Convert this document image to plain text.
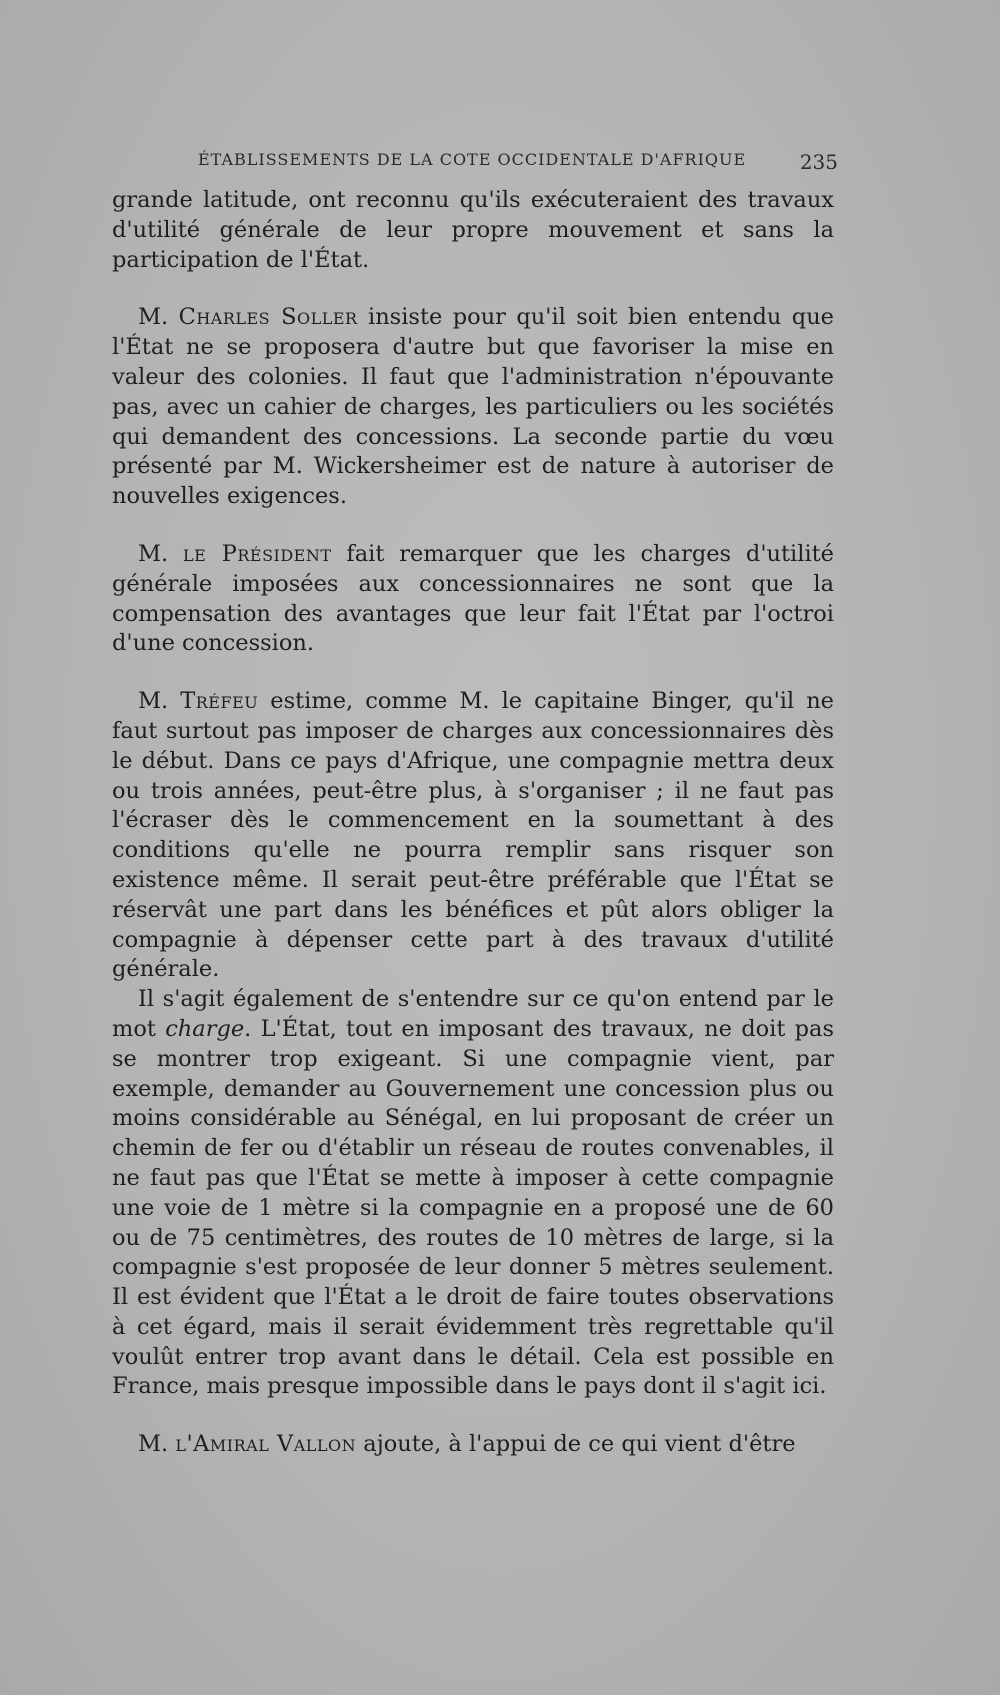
ÉTABLISSEMENTS DE LA COTE OCCIDENTALE D'AFRIQUE	235

grande latitude, ont reconnu qu'ils exécuteraient des travaux d'utilité générale de leur propre mouvement et sans la participation de l'État.

M. Charles Soller insiste pour qu'il soit bien entendu que l'État ne se proposera d'autre but que favoriser la mise en valeur des colonies. Il faut que l'administration n'épouvante pas, avec un cahier de charges, les particuliers ou les sociétés qui demandent des concessions. La seconde partie du vœu présenté par M. Wickersheimer est de nature à autoriser de nouvelles exigences.

M. le Président fait remarquer que les charges d'utilité générale imposées aux concessionnaires ne sont que la compensation des avantages que leur fait l'État par l'octroi d'une concession.

M. Tréfeu estime, comme M. le capitaine Binger, qu'il ne faut surtout pas imposer de charges aux concessionnaires dès le début. Dans ce pays d'Afrique, une compagnie mettra deux ou trois années, peut-être plus, à s'organiser ; il ne faut pas l'écraser dès le commencement en la soumettant à des conditions qu'elle ne pourra remplir sans risquer son existence même. Il serait peut-être préférable que l'État se réservât une part dans les bénéfices et pût alors obliger la compagnie à dépenser cette part à des travaux d'utilité générale.

Il s'agit également de s'entendre sur ce qu'on entend par le mot charge. L'État, tout en imposant des travaux, ne doit pas se montrer trop exigeant. Si une compagnie vient, par exemple, demander au Gouvernement une concession plus ou moins considérable au Sénégal, en lui proposant de créer un chemin de fer ou d'établir un réseau de routes convenables, il ne faut pas que l'État se mette à imposer à cette compagnie une voie de 1 mètre si la compagnie en a proposé une de 60 ou de 75 centimètres, des routes de 10 mètres de large, si la compagnie s'est proposée de leur donner 5 mètres seulement. Il est évident que l'État a le droit de faire toutes observations à cet égard, mais il serait évidemment très regrettable qu'il voulût entrer trop avant dans le détail. Cela est possible en France, mais presque impossible dans le pays dont il s'agit ici.

M. l'Amiral Vallon ajoute, à l'appui de ce qui vient d'être
